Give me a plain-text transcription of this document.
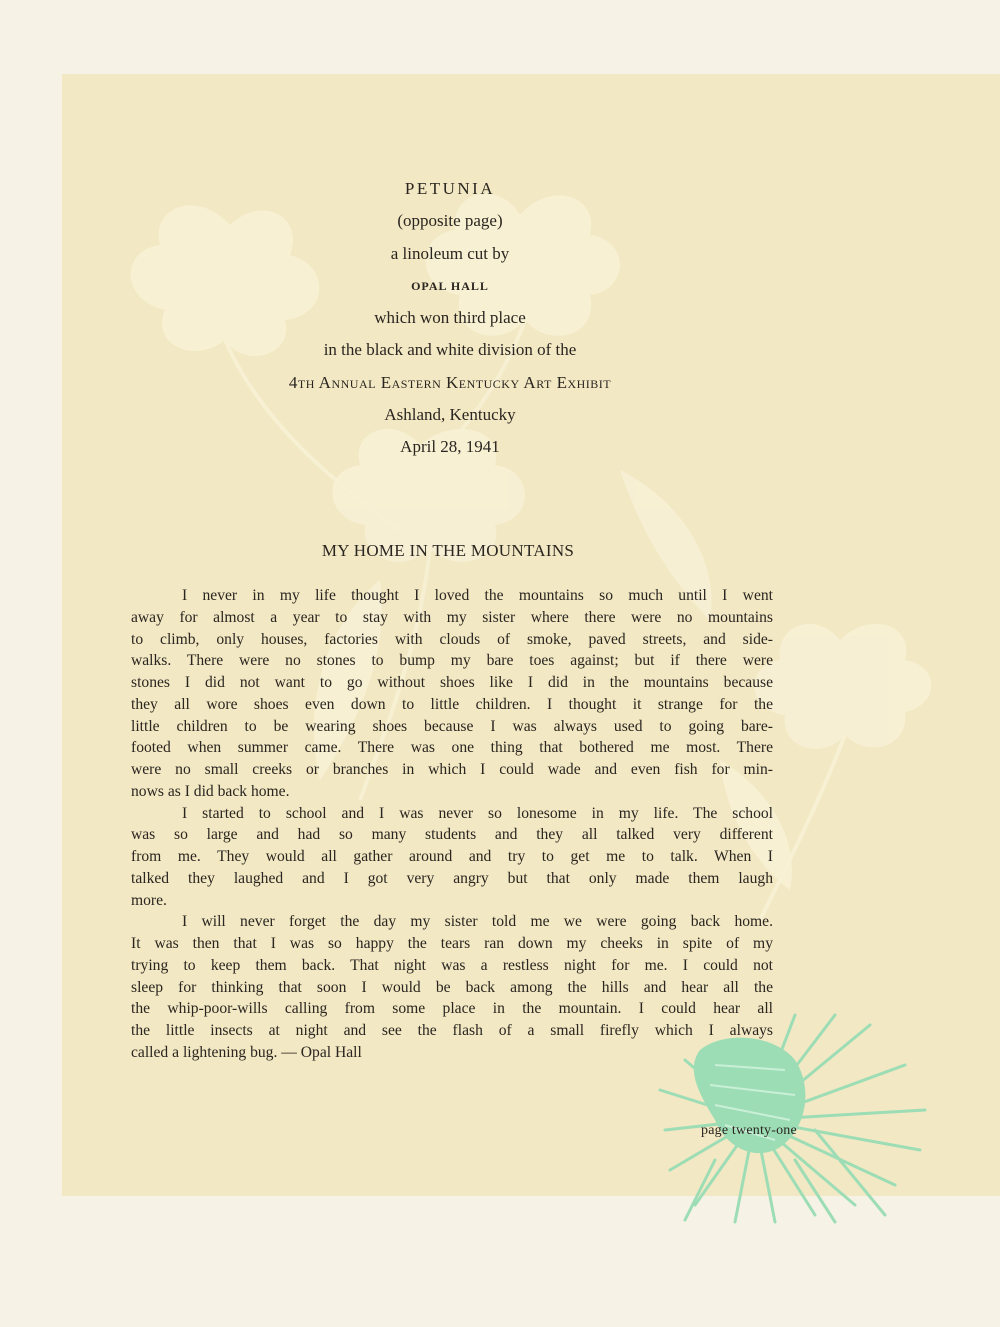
PETUNIA
(opposite page)
a linoleum cut by
OPAL HALL
which won third place
in the black and white division of the
4th Annual Eastern Kentucky Art Exhibit
Ashland, Kentucky
April 28, 1941
MY HOME IN THE MOUNTAINS
I never in my life thought I loved the mountains so much until I went
away for almost a year to stay with my sister where there were no mountains
to climb, only houses, factories with clouds of smoke, paved streets, and side-
walks. There were no stones to bump my bare toes against; but if there were
stones I did not want to go without shoes like I did in the mountains because
they all wore shoes even down to little children. I thought it strange for the
little children to be wearing shoes because I was always used to going bare-
footed when summer came. There was one thing that bothered me most. There
were no small creeks or branches in which I could wade and even fish for min-
nows as I did back home.
I started to school and I was never so lonesome in my life. The school
was so large and had so many students and they all talked very different
from me. They would all gather around and try to get me to talk. When I
talked they laughed and I got very angry but that only made them laugh
more.
I will never forget the day my sister told me we were going back home.
It was then that I was so happy the tears ran down my cheeks in spite of my
trying to keep them back. That night was a restless night for me. I could not
sleep for thinking that soon I would be back among the hills and hear all the
the whip-poor-wills calling from some place in the mountain. I could hear all
the little insects at night and see the flash of a small firefly which I always
called a lightening bug. — Opal Hall
page twenty-one
